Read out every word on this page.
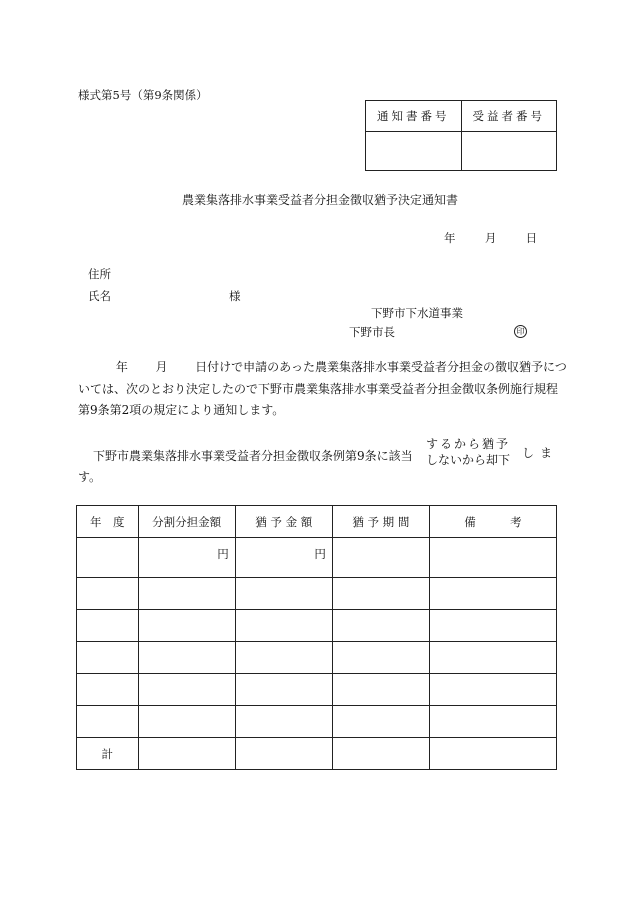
様式第5号（第9条関係）
通知書番号	受益者番号

農業集落排水事業受益者分担金徴収猶予決定通知書
年	月	日
住所
氏名	様
下野市下水道事業
下野市長	印
年 月 日付けで申請のあった農業集落排水事業受益者分担金の徴収猶予につ
いては、次のとおり決定したので下野市農業集落排水事業受益者分担金徴収条例施行規程
第9条第2項の規定により通知します。
下野市農業集落排水事業受益者分担金徴収条例第9条に該当
するから猶予
しないから却下 しま
す。
年　度	分割分担金額	猶 予 金 額	猶 予 期 間	備　　　考
	円	円		

計				
